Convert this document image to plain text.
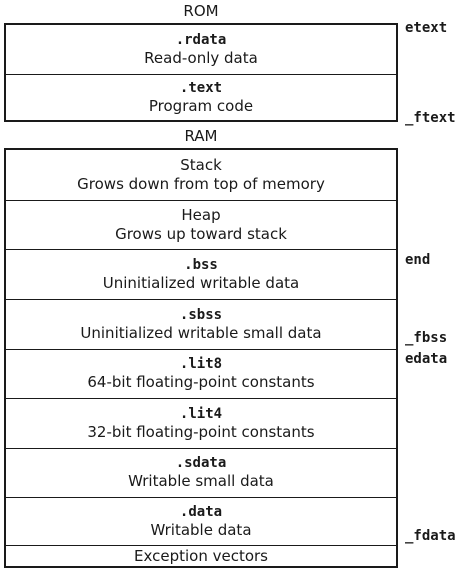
ROM
.rdata
Read-only data
.text
Program code
RAM
Stack
Grows down from top of memory
Heap
Grows up toward stack
.bss
Uninitialized writable data
.sbss
Uninitialized writable small data
.lit8
64-bit floating-point constants
.lit4
32-bit floating-point constants
.sdata
Writable small data
.data
Writable data
Exception vectors
etext
_ftext
end
_fbss
edata
_fdata
